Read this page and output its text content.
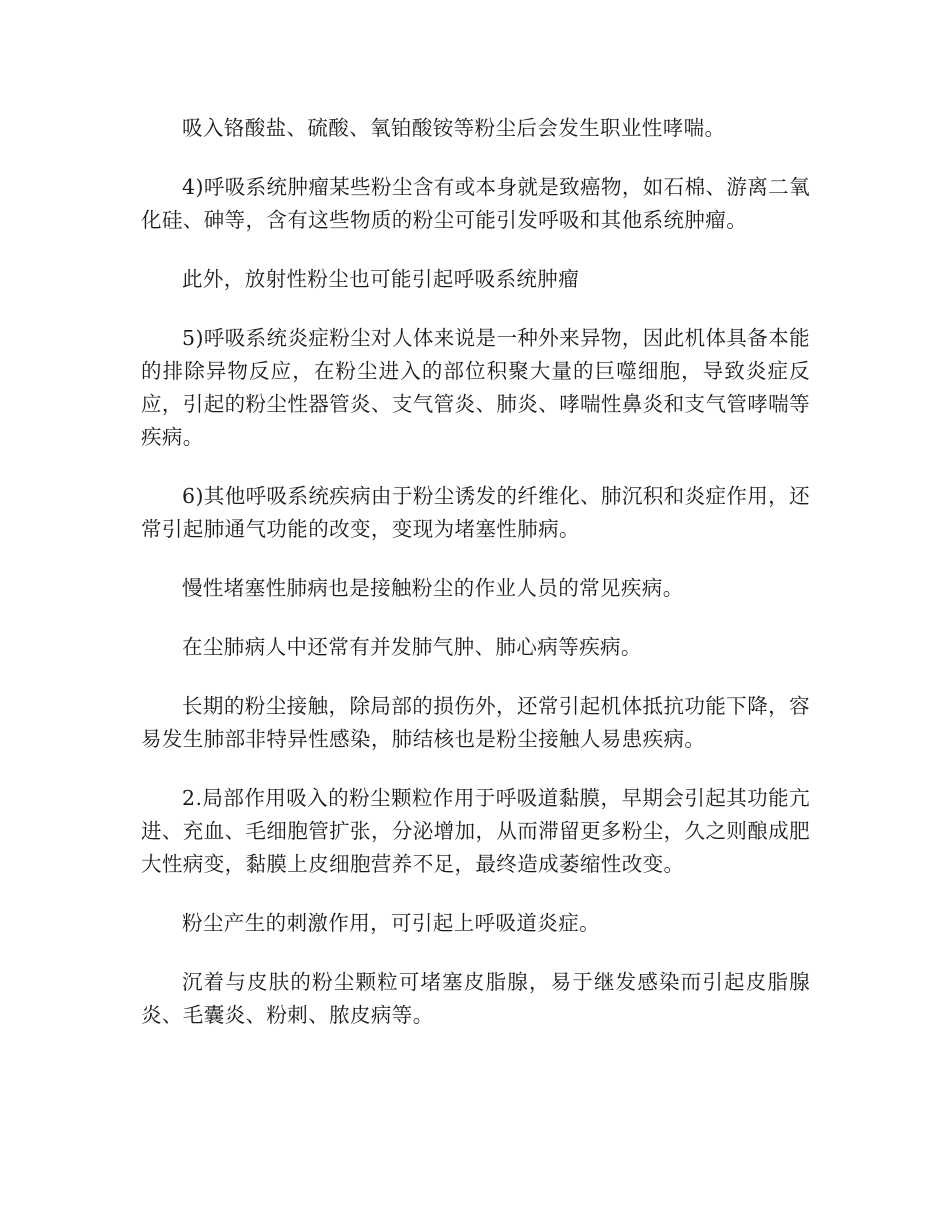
吸入铬酸盐、硫酸、氧铂酸铵等粉尘后会发生职业性哮喘。

4)呼吸系统肿瘤某些粉尘含有或本身就是致癌物，如石棉、游离二氧化硅、砷等，含有这些物质的粉尘可能引发呼吸和其他系统肿瘤。

此外，放射性粉尘也可能引起呼吸系统肿瘤

5)呼吸系统炎症粉尘对人体来说是一种外来异物，因此机体具备本能的排除异物反应，在粉尘进入的部位积聚大量的巨噬细胞，导致炎症反应，引起的粉尘性器管炎、支气管炎、肺炎、哮喘性鼻炎和支气管哮喘等疾病。

6)其他呼吸系统疾病由于粉尘诱发的纤维化、肺沉积和炎症作用，还常引起肺通气功能的改变，变现为堵塞性肺病。

慢性堵塞性肺病也是接触粉尘的作业人员的常见疾病。

在尘肺病人中还常有并发肺气肿、肺心病等疾病。

长期的粉尘接触，除局部的损伤外，还常引起机体抵抗功能下降，容易发生肺部非特异性感染，肺结核也是粉尘接触人易患疾病。

2.局部作用吸入的粉尘颗粒作用于呼吸道黏膜，早期会引起其功能亢进、充血、毛细胞管扩张，分泌增加，从而滞留更多粉尘，久之则酿成肥大性病变，黏膜上皮细胞营养不足，最终造成萎缩性改变。

粉尘产生的刺激作用，可引起上呼吸道炎症。

沉着与皮肤的粉尘颗粒可堵塞皮脂腺，易于继发感染而引起皮脂腺炎、毛囊炎、粉刺、脓皮病等。
